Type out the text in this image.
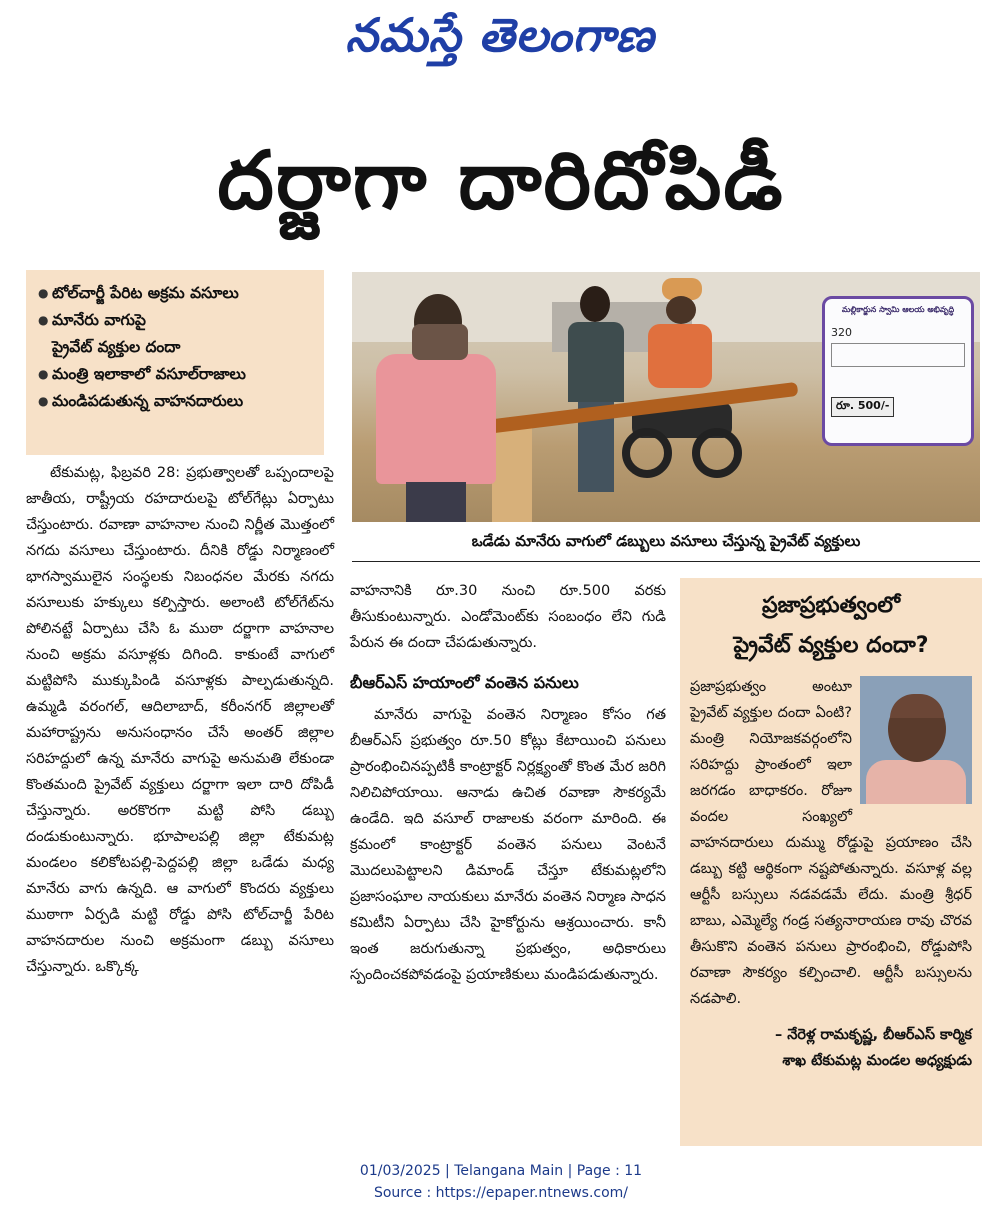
నమస్తే తెలంగాణ
దర్జాగా దారిదోపిడీ
● టోల్‌చార్జీ పేరిట అక్రమ వసూలు
● మానేరు వాగుపై
ప్రైవేట్ వ్యక్తుల దందా
● మంత్రి ఇలాకాలో వసూల్‌రాజాలు
● మండిపడుతున్న వాహనదారులు
మల్లికార్జున స్వామి ఆలయ అభివృద్ధి
320
రూ. 500/-
ఒడేడు మానేరు వాగులో డబ్బులు వసూలు చేస్తున్న ప్రైవేట్ వ్యక్తులు

టేకుమట్ల, ఫిబ్రవరి 28: ప్రభుత్వాలతో ఒప్పందాలపై జాతీయ, రాష్ట్రీయ రహదారులపై టోల్‌గేట్లు ఏర్పాటు చేస్తుంటారు. రవాణా వాహనాల నుంచి నిర్ణీత మొత్తంలో నగదు వసూలు చేస్తుంటారు. దీనికి రోడ్డు నిర్మాణంలో భాగస్వాములైన సంస్థలకు నిబంధనల మేరకు నగదు వసూలుకు హక్కులు కల్పిస్తారు. అలాంటి టోల్‌గేట్‌ను పోలినట్టే ఏర్పాటు చేసి ఓ ముఠా దర్జాగా వాహనాల నుంచి అక్రమ వసూళ్లకు దిగింది. కాకుంటే వాగులో మట్టిపోసి ముక్కుపిండి వసూళ్లకు పాల్పడుతున్నది. ఉమ్మడి వరంగల్, ఆదిలాబాద్, కరీంనగర్ జిల్లాలతో మహారాష్ట్రను అనుసంధానం చేసే అంతర్ జిల్లాల సరిహద్దులో ఉన్న మానేరు వాగుపై అనుమతి లేకుండా కొంతమంది ప్రైవేట్ వ్యక్తులు దర్జాగా ఇలా దారి దోపిడీ చేస్తున్నారు. అరకొరగా మట్టి పోసి డబ్బు దండుకుంటున్నారు. భూపాలపల్లి జిల్లా టేకుమట్ల మండలం కలికోటపల్లి-పెద్దపల్లి జిల్లా ఒడేడు మధ్య మానేరు వాగు ఉన్నది. ఆ వాగులో కొందరు వ్యక్తులు ముఠాగా ఏర్పడి మట్టి రోడ్డు పోసి టోల్‌చార్జీ పేరిట వాహనదారుల నుంచి అక్రమంగా డబ్బు వసూలు చేస్తున్నారు. ఒక్కొక్క

వాహనానికి రూ.30 నుంచి రూ.500 వరకు తీసుకుంటున్నారు. ఎండోమెంట్‌కు సంబంధం లేని గుడి పేరున ఈ దందా చేపడుతున్నారు.

బీఆర్‌ఎస్ హయాంలో వంతెన పనులు

మానేరు వాగుపై వంతెన నిర్మాణం కోసం గత బీఆర్‌ఎస్ ప్రభుత్వం రూ.50 కోట్లు కేటాయించి పనులు ప్రారంభించినప్పటికీ కాంట్రాక్టర్ నిర్లక్ష్యంతో కొంత మేర జరిగి నిలిచిపోయాయి. ఆనాడు ఉచిత రవాణా సౌకర్యమే ఉండేది. ఇది వసూల్ రాజాలకు వరంగా మారింది. ఈ క్రమంలో కాంట్రాక్టర్ వంతెన పనులు వెంటనే మొదలుపెట్టాలని డిమాండ్ చేస్తూ టేకుమట్లలోని ప్రజాసంఘాల నాయకులు మానేరు వంతెన నిర్మాణ సాధన కమిటీని ఏర్పాటు చేసి హైకోర్టును ఆశ్రయించారు. కానీ ఇంత జరుగుతున్నా ప్రభుత్వం, అధికారులు స్పందించకపోవడంపై ప్రయాణికులు మండిపడుతున్నారు.

ప్రజాప్రభుత్వంలో
ప్రైవేట్ వ్యక్తుల దందా?
ప్రజాప్రభుత్వం అంటూ ప్రైవేట్ వ్యక్తుల దందా ఏంటి? మంత్రి నియోజకవర్గంలోని సరిహద్దు ప్రాంతంలో ఇలా జరగడం బాధాకరం. రోజూ వందల సంఖ్యలో వాహనదారులు దుమ్ము రోడ్డుపై ప్రయాణం చేసి డబ్బు కట్టి ఆర్థికంగా నష్టపోతున్నారు. వసూళ్ల వల్ల ఆర్టీసీ బస్సులు నడవడమే లేదు. మంత్రి శ్రీధర్ బాబు, ఎమ్మెల్యే గండ్ర సత్యనారాయణ రావు చొరవ తీసుకొని వంతెన పనులు ప్రారంభించి, రోడ్డుపోసి రవాణా సౌకర్యం కల్పించాలి. ఆర్టీసీ బస్సులను నడపాలి.
– నేరెళ్ల రామకృష్ణ, బీఆర్‌ఎస్ కార్మిక
శాఖ టేకుమట్ల మండల అధ్యక్షుడు
01/03/2025 | Telangana Main | Page : 11
Source : https://epaper.ntnews.com/
